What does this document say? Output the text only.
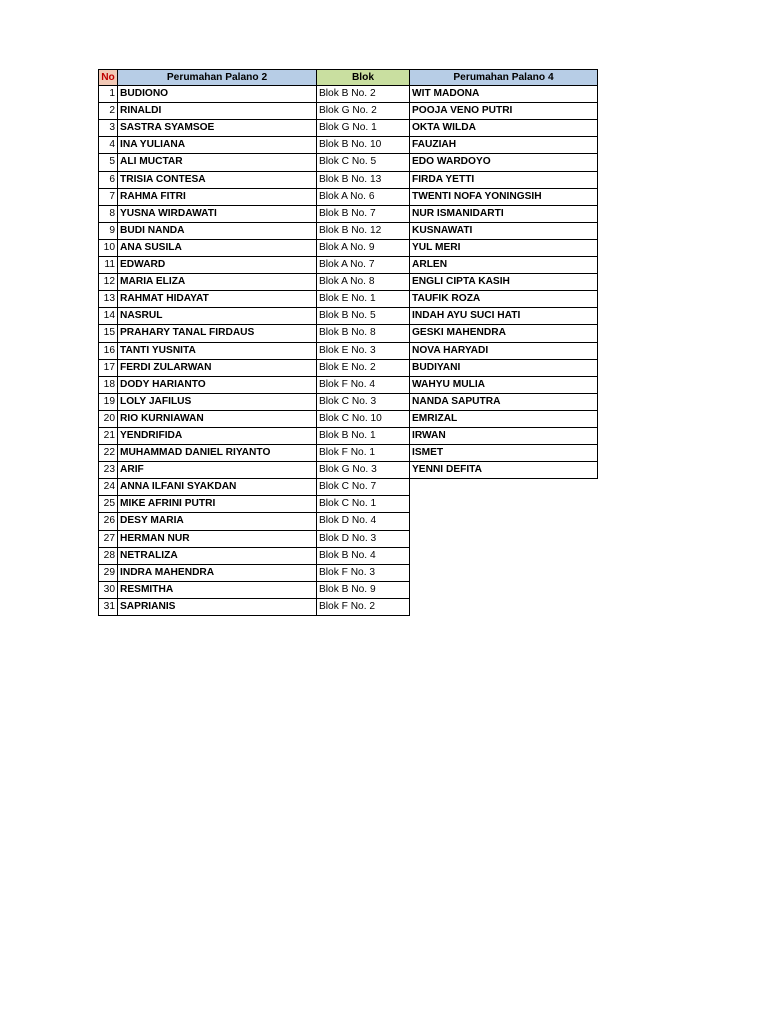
No	Perumahan Palano 2	Blok	Perumahan Palano 4
1 BUDIONO	Blok B No. 2	WIT MADONA
2 RINALDI	Blok G No. 2	POOJA VENO PUTRI
3 SASTRA SYAMSOE	Blok G No. 1	OKTA WILDA
4 INA YULIANA	Blok B No. 10	FAUZIAH
5 ALI MUCTAR	Blok C No. 5	EDO WARDOYO
6 TRISIA CONTESA	Blok B No. 13	FIRDA YETTI
7 RAHMA FITRI	Blok A No. 6	TWENTI NOFA YONINGSIH
8 YUSNA WIRDAWATI	Blok B No. 7	NUR ISMANIDARTI
9 BUDI NANDA	Blok B No. 12	KUSNAWATI
10 ANA SUSILA	Blok A No. 9	YUL MERI
11 EDWARD	Blok A No. 7	ARLEN
12 MARIA ELIZA	Blok A No. 8	ENGLI CIPTA KASIH
13 RAHMAT HIDAYAT	Blok E No. 1	TAUFIK ROZA
14 NASRUL	Blok B No. 5	INDAH AYU SUCI HATI
15 PRAHARY TANAL FIRDAUS	Blok B No. 8	GESKI MAHENDRA
16 TANTI YUSNITA	Blok E No. 3	NOVA HARYADI
17 FERDI ZULARWAN	Blok E No. 2	BUDIYANI
18 DODY HARIANTO	Blok F No. 4	WAHYU MULIA
19 LOLY JAFILUS	Blok C No. 3	NANDA SAPUTRA
20 RIO KURNIAWAN	Blok C No. 10	EMRIZAL
21 YENDRIFIDA	Blok B No. 1	IRWAN
22 MUHAMMAD DANIEL RIYANTO	Blok F No. 1	ISMET
23 ARIF	Blok G No. 3	YENNI DEFITA
24 ANNA ILFANI SYAKDAN	Blok C No. 7
25 MIKE AFRINI PUTRI	Blok C No. 1
26 DESY MARIA	Blok D No. 4
27 HERMAN NUR	Blok D No. 3
28 NETRALIZA	Blok B No. 4
29 INDRA MAHENDRA	Blok F No. 3
30 RESMITHA	Blok B No. 9
31 SAPRIANIS	Blok F No. 2
